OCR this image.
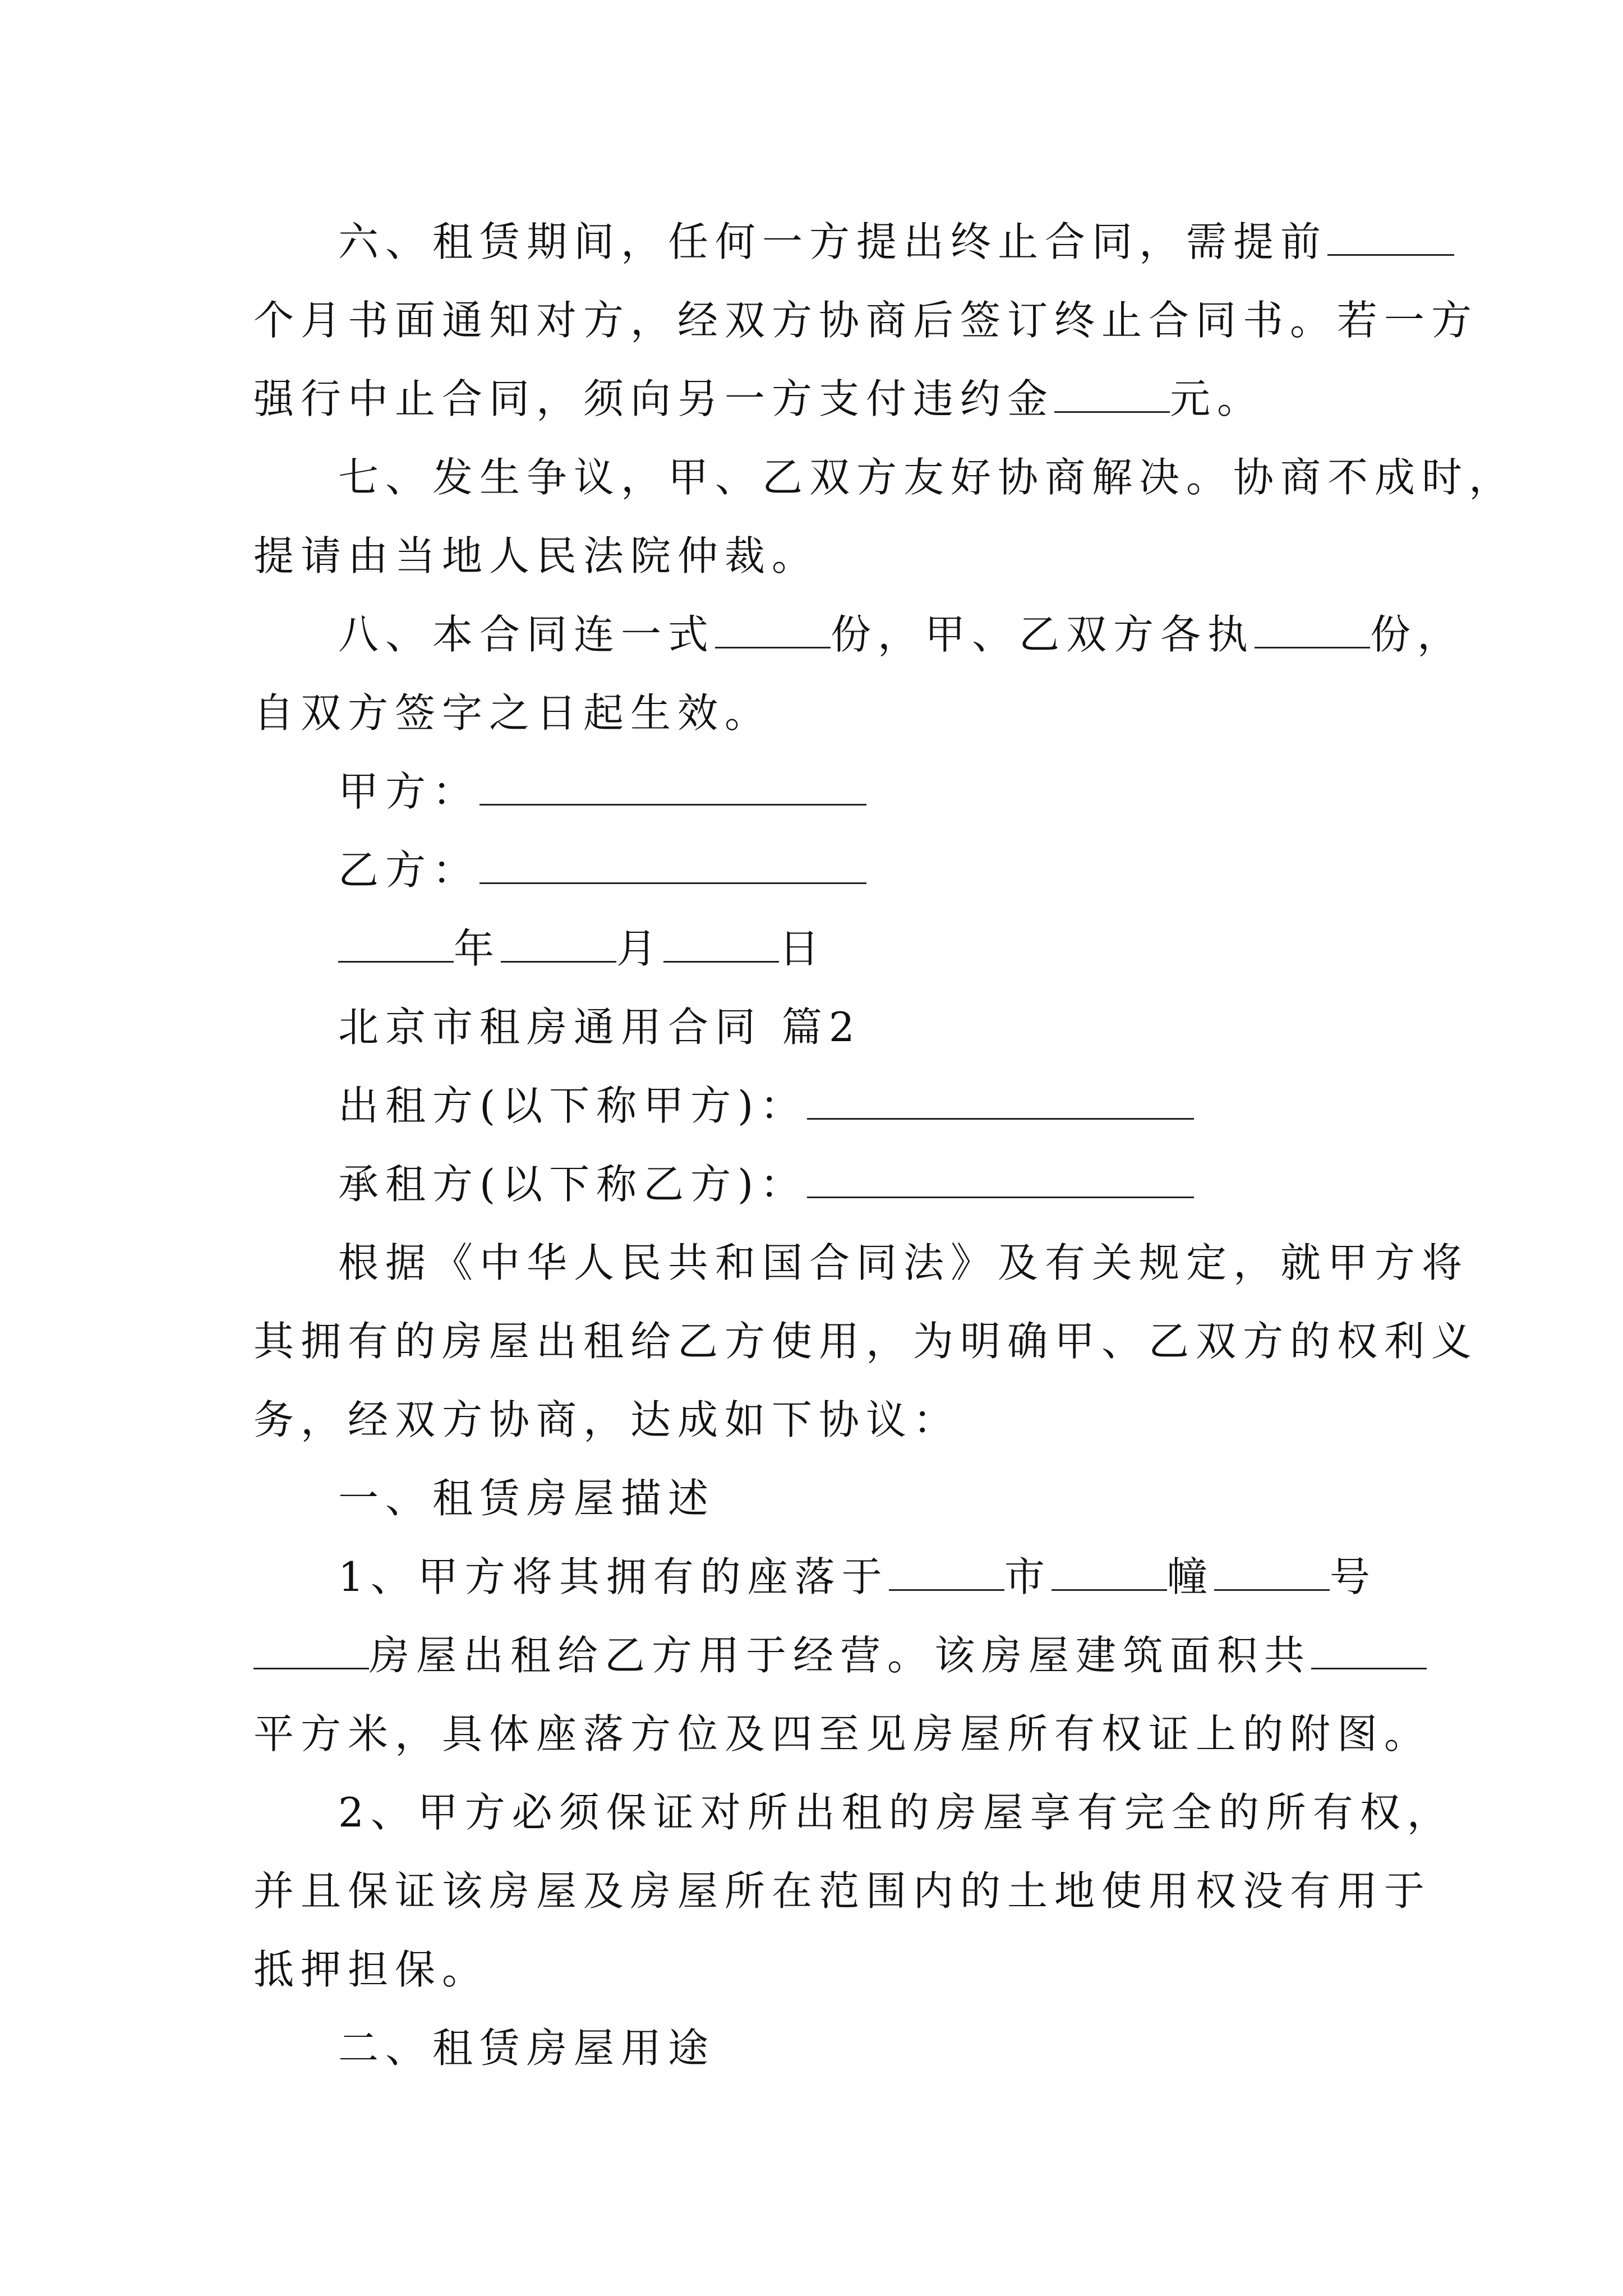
六、租赁期间，任何一方提出终止合同，需提前
个月书面通知对方，经双方协商后签订终止合同书。若一方
强行中止合同，须向另一方支付违约金	元。
七、发生争议，甲、乙双方友好协商解决。协商不成时，
提请由当地人民法院仲裁。
八、本合同连一式	份，甲、乙双方各执	份，
自双方签字之日起生效。
甲方：
乙方：
年	月	日
北京市租房通用合同 篇2
出租方(以下称甲方)：
承租方(以下称乙方)：
根据《中华人民共和国合同法》及有关规定，就甲方将
其拥有的房屋出租给乙方使用，为明确甲、乙双方的权利义
务，经双方协商，达成如下协议：
一、租赁房屋描述
1、甲方将其拥有的座落于	市	幢	号
房屋出租给乙方用于经营。该房屋建筑面积共
平方米，具体座落方位及四至见房屋所有权证上的附图。
2、甲方必须保证对所出租的房屋享有完全的所有权，
并且保证该房屋及房屋所在范围内的土地使用权没有用于
抵押担保。
二、租赁房屋用途
